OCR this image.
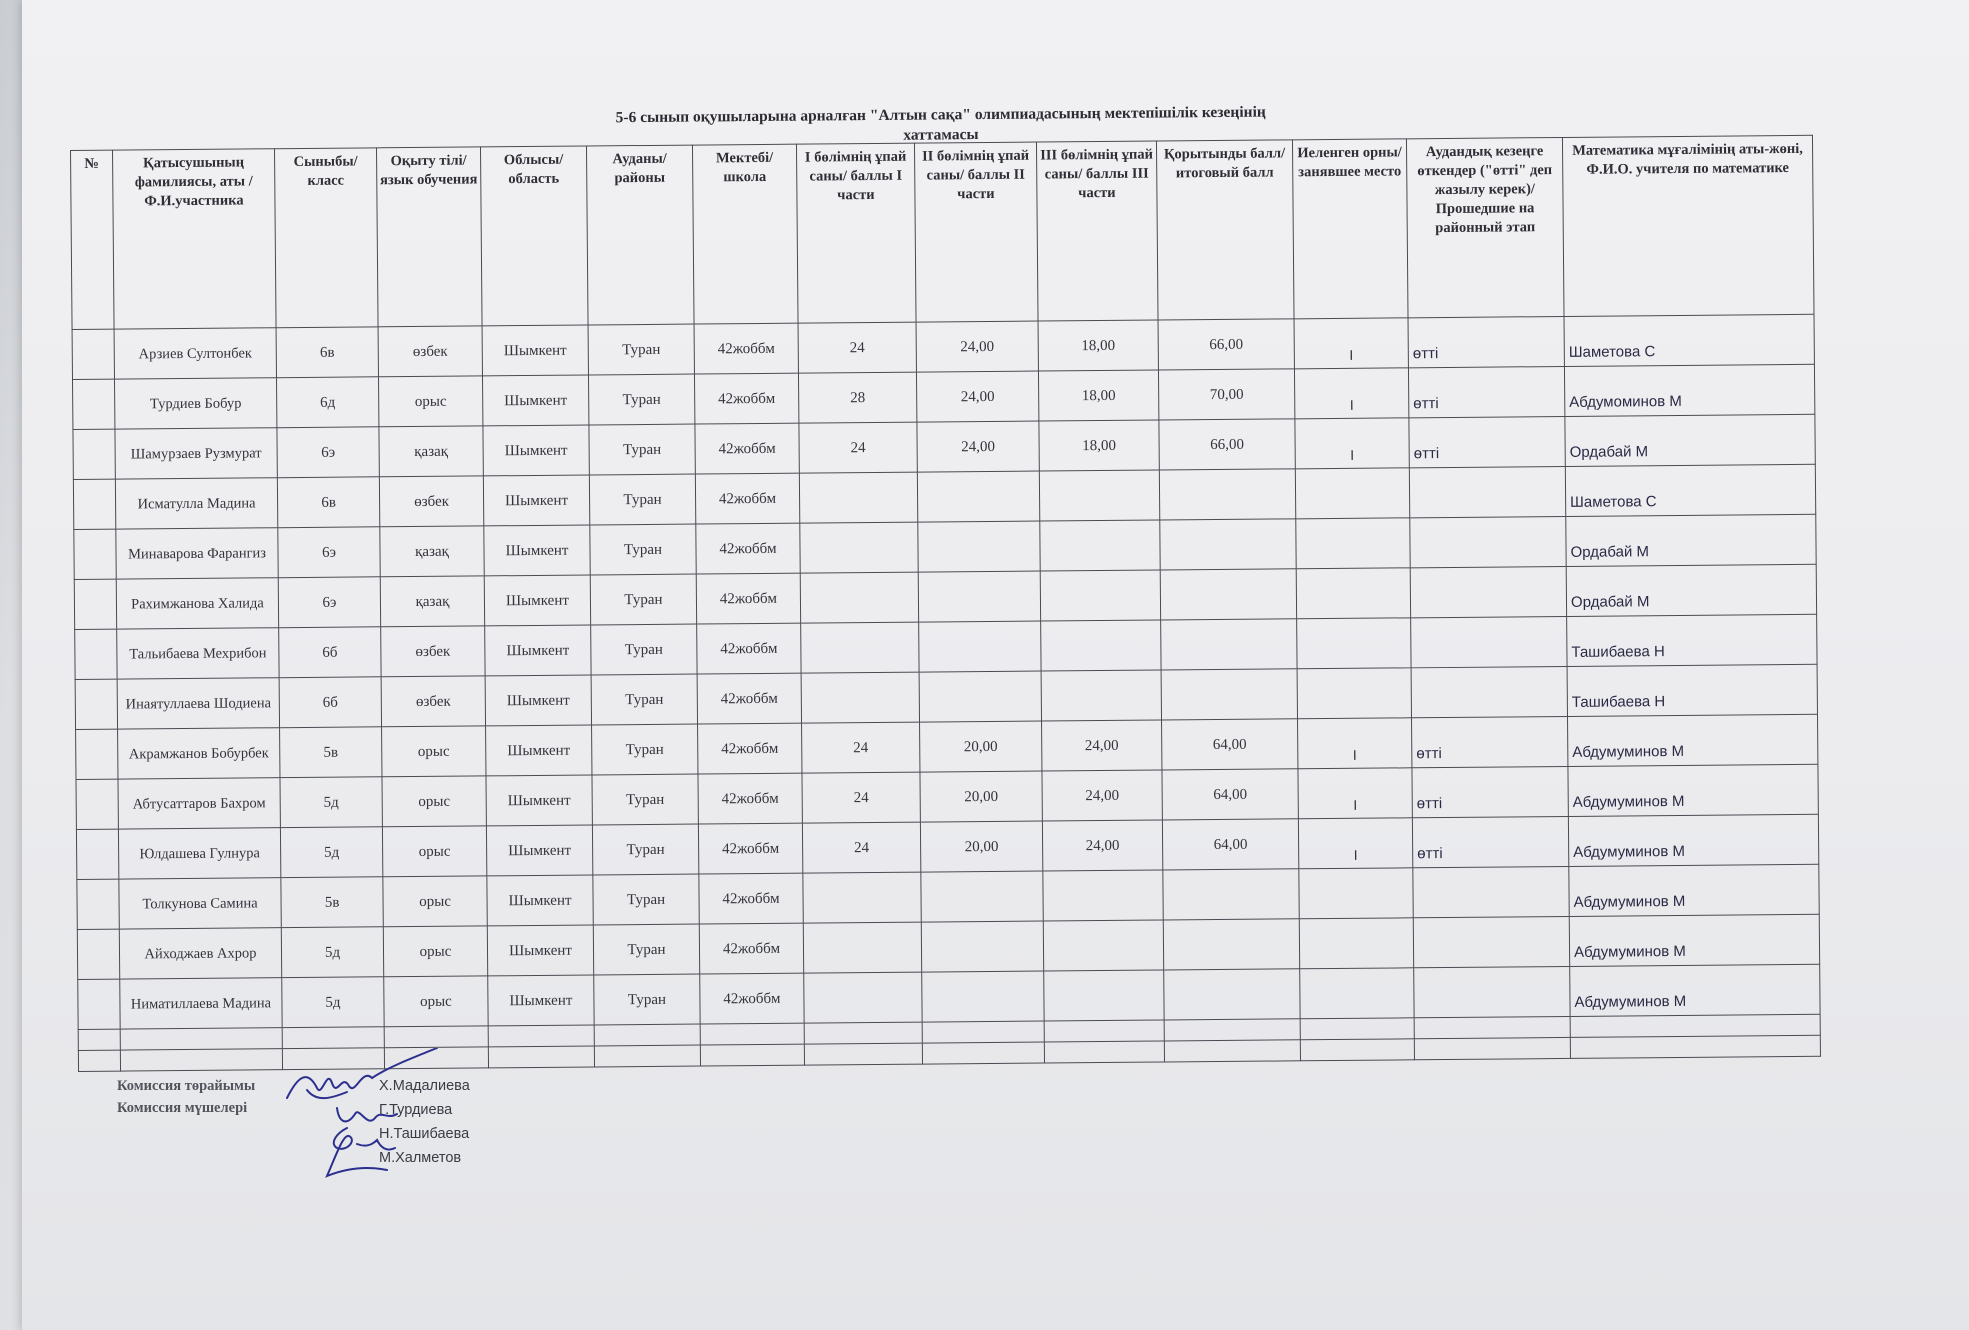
5-6 сынып оқушыларына арналған "Алтын сақа" олимпиадасының мектепішілік кезеңінің
хаттамасы
№	Қатысушының фамилиясы, аты /Ф.И.участника	Сыныбы/класс	Оқыту тілі/ язык обучения	Облысы/ область	Ауданы/ районы	Мектебі/ школа	I бөлімнің ұпай саны/ баллы I части	II бөлімнің ұпай саны/ баллы II части	III бөлімнің ұпай саны/ баллы III части	Қорытынды балл/ итоговый балл	Иеленген орны/ занявшее место	Аудандық кезеңге өткендер ("өтті" деп жазылу керек)/ Прошедшие на районный этап	Математика мұғалімінің аты-жөні, Ф.И.О. учителя по математике
	Арзиев Султонбек	6в	өзбек	Шымкент	Туран	42жоббм	24	24,00	18,00	66,00	I	өтті	Шаметова С
	Турдиев Бобур	6д	орыс	Шымкент	Туран	42жоббм	28	24,00	18,00	70,00	I	өтті	Абдумоминов М
	Шамурзаев Рузмурат	6э	қазақ	Шымкент	Туран	42жоббм	24	24,00	18,00	66,00	I	өтті	Ордабай М
	Исматулла Мадина	6в	өзбек	Шымкент	Туран	42жоббм							Шаметова С
	Минаварова Фарангиз	6э	қазақ	Шымкент	Туран	42жоббм							Ордабай М
	Рахимжанова Халида	6э	қазақ	Шымкент	Туран	42жоббм							Ордабай М
	Тальибаева Мехрибон	6б	өзбек	Шымкент	Туран	42жоббм							Ташибаева Н
	Инаятуллаева Шодиена	6б	өзбек	Шымкент	Туран	42жоббм							Ташибаева Н
	Акрамжанов Бобурбек	5в	орыс	Шымкент	Туран	42жоббм	24	20,00	24,00	64,00	I	өтті	Абдумуминов М
	Абтусаттаров Бахром	5д	орыс	Шымкент	Туран	42жоббм	24	20,00	24,00	64,00	I	өтті	Абдумуминов М
	Юлдашева Гулнура	5д	орыс	Шымкент	Туран	42жоббм	24	20,00	24,00	64,00	I	өтті	Абдумуминов М
	Толкунова Самина	5в	орыс	Шымкент	Туран	42жоббм							Абдумуминов М
	Айходжаев Ахрор	5д	орыс	Шымкент	Туран	42жоббм							Абдумуминов М
	Ниматиллаева Мадина	5д	орыс	Шымкент	Туран	42жоббм							Абдумуминов М

Комиссия төрайымы
Комиссия мүшелері
Х.Мадалиева
Г.Турдиева
Н.Ташибаева
М.Халметов
